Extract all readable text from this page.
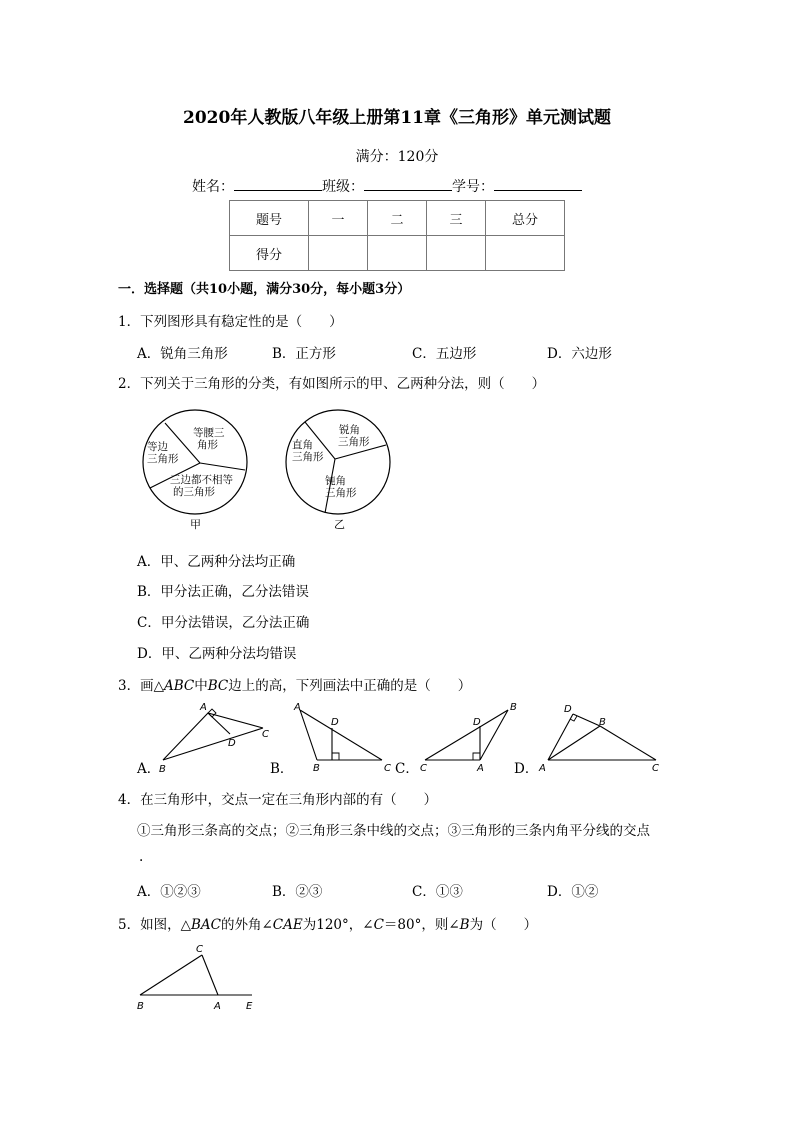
2020年人教版八年级上册第11章《三角形》单元测试题
满分：120分
姓名：	班级：	学号：
题号	一	二	三	总分
得分				
一．选择题（共10小题，满分30分，每小题3分）
1．下列图形具有稳定性的是（　　）
A．锐角三角形	B．正方形	C．五边形	D．六边形
2．下列关于三角形的分类，有如图所示的甲、乙两种分法，则（　　）
等边
三角形
等腰三
角形
三边都不相等
的三角形
甲
直角
三角形
锐角
三角形
钝角
三角形
乙
A．甲、乙两种分法均正确
B．甲分法正确，乙分法错误
C．甲分法错误，乙分法正确
D．甲、乙两种分法均错误
3．画△ABC中BC边上的高，下列画法中正确的是（　　）
A
C
D
B
A
D
B	C
B
D
C	A
D
B
A	C
A．	B．	C．	D．
4．在三角形中，交点一定在三角形内部的有（　　）
①三角形三条高的交点；②三角形三条中线的交点；③三角形的三条内角平分线的交点
.
A．①②③	B．②③	C．①③	D．①②
5．如图，△BAC的外角∠CAE为120°，∠C＝80°，则∠B为（　　）
C
B	A	E
